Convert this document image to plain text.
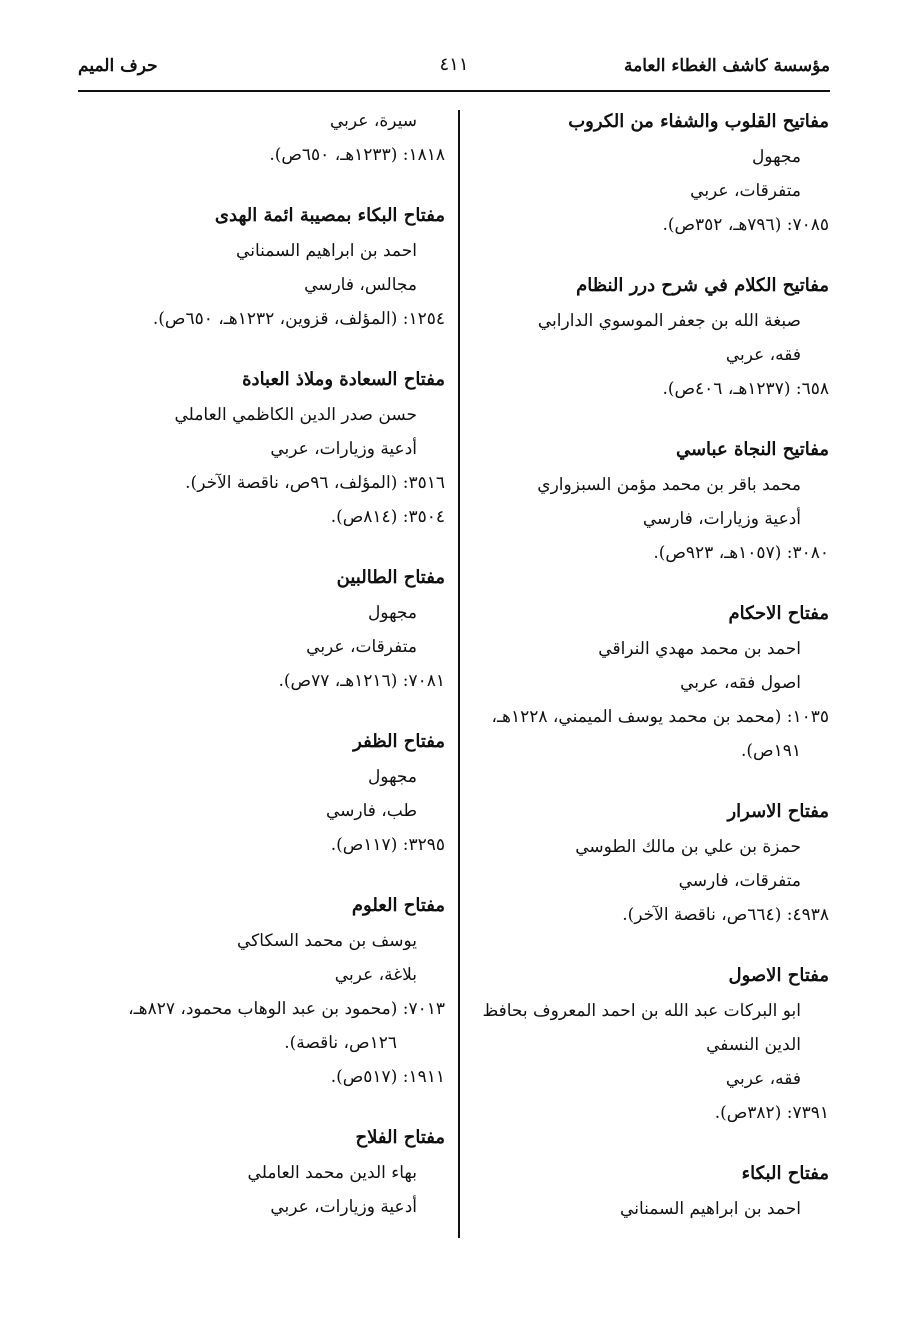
مؤسسة كاشف الغطاء العامة
٤١١
حرف الميم
مفاتيح القلوب والشفاء من الكروب
مجهول
متفرقات، عربي
٧٠٨٥: (٧٩٦هـ، ٣٥٢ص).
مفاتيح الكلام في شرح درر النظام
صبغة الله بن جعفر الموسوي الدارابي
فقه، عربي
٦٥٨: (١٢٣٧هـ، ٤٠٦ص).
مفاتيح النجاة عباسي
محمد باقر بن محمد مؤمن السبزواري
أدعية وزيارات، فارسي
٣٠٨٠: (١٠٥٧هـ، ٩٢٣ص).
مفتاح الاحكام
احمد بن محمد مهدي النراقي
اصول فقه، عربي
١٠٣٥: (محمد بن محمد يوسف الميمني، ١٢٢٨هـ،
١٩١ص).
مفتاح الاسرار
حمزة بن علي بن مالك الطوسي
متفرقات، فارسي
٤٩٣٨: (٦٦٤ص، ناقصة الآخر).
مفتاح الاصول
ابو البركات عبد الله بن احمد المعروف بحافظ
الدين النسفي
فقه، عربي
٧٣٩١: (٣٨٢ص).
مفتاح البكاء
احمد بن ابراهيم السمناني
سيرة، عربي
١٨١٨: (١٢٣٣هـ، ٦٥٠ص).
مفتاح البكاء بمصيبة ائمة الهدى
احمد بن ابراهيم السمناني
مجالس، فارسي
١٢٥٤: (المؤلف، قزوين، ١٢٣٢هـ، ٦٥٠ص).
مفتاح السعادة وملاذ العبادة
حسن صدر الدين الكاظمي العاملي
أدعية وزيارات، عربي
٣٥١٦: (المؤلف، ٩٦ص، ناقصة الآخر).
٣٥٠٤: (٨١٤ص).
مفتاح الطالبين
مجهول
متفرقات، عربي
٧٠٨١: (١٢١٦هـ، ٧٧ص).
مفتاح الظفر
مجهول
طب، فارسي
٣٢٩٥: (١١٧ص).
مفتاح العلوم
يوسف بن محمد السكاكي
بلاغة، عربي
٧٠١٣: (محمود بن عبد الوهاب محمود، ٨٢٧هـ،
١٢٦ص، ناقصة).
١٩١١: (٥١٧ص).
مفتاح الفلاح
بهاء الدين محمد العاملي
أدعية وزيارات، عربي
